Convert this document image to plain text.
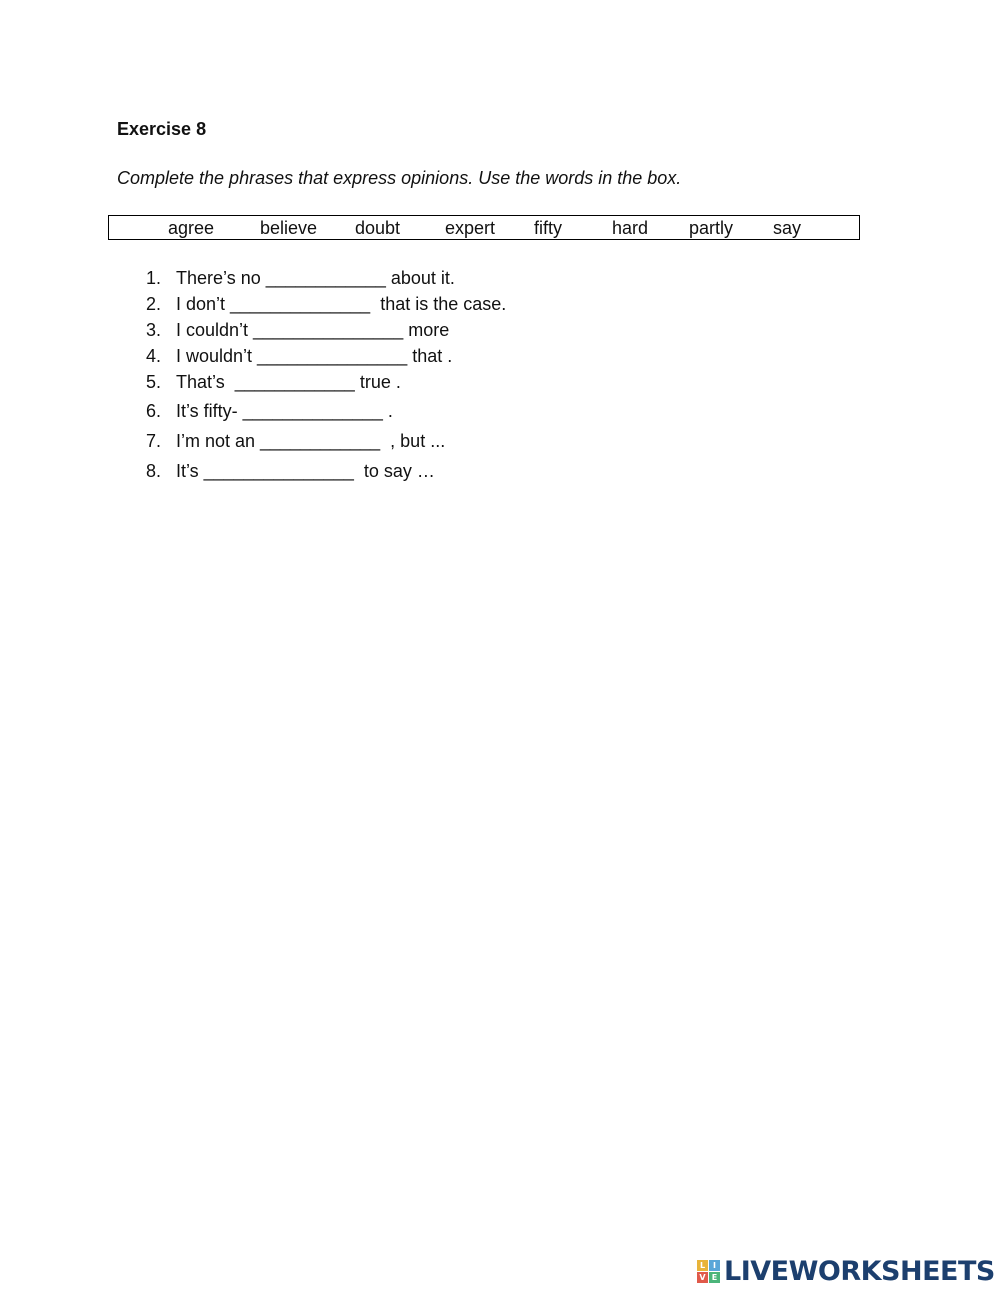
Exercise 8

Complete the phrases that express opinions. Use the words in the box.

agree	believe doubt expert fifty	hard partly say
1. There’s no ____________ about it.
2. I don’t ______________  that is the case.
3. I couldn’t _______________ more
4. I wouldn’t _______________ that .
5. That’s  ____________ true .
6. It’s fifty- ______________ .
7. I’m not an ____________  , but ...
8. It’s _______________  to say …
L I
V E LIVEWORKSHEETS
